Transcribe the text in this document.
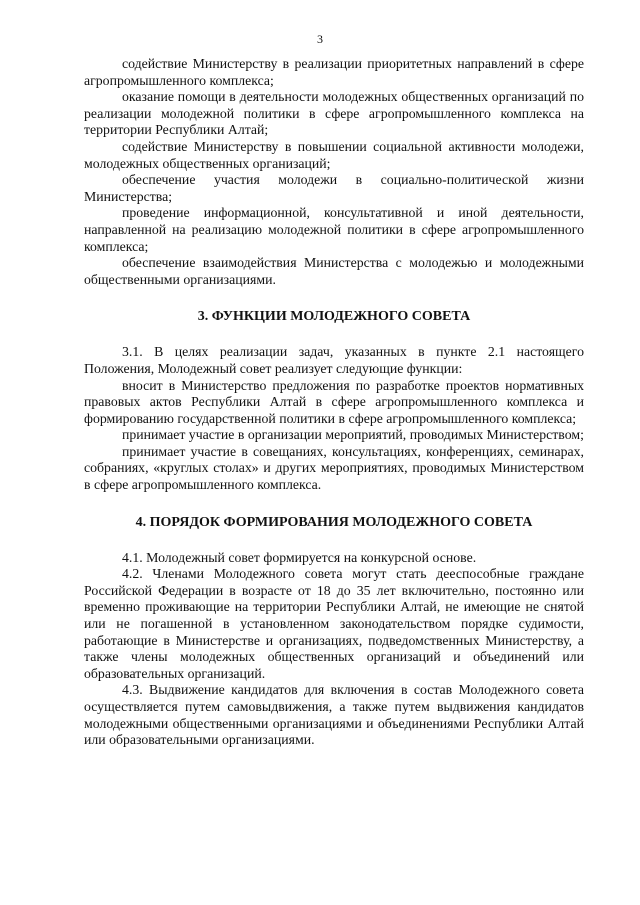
3

содействие Министерству в реализации приоритетных направлений в сфере агропромышленного комплекса;

оказание помощи в деятельности молодежных общественных организаций по реализации молодежной политики в сфере агропромышленного комплекса на территории Республики Алтай;

содействие Министерству в повышении социальной активности молодежи, молодежных общественных организаций;

обеспечение участия молодежи в социально-политической жизни Министерства;

проведение информационной, консультативной и иной деятельности, направленной на реализацию молодежной политики в сфере агропромышленного комплекса;

обеспечение взаимодействия Министерства с молодежью и молодежными общественными организациями.

3. ФУНКЦИИ МОЛОДЕЖНОГО СОВЕТА

3.1. В целях реализации задач, указанных в пункте 2.1 настоящего Положения, Молодежный совет реализует следующие функции:

вносит в Министерство предложения по разработке проектов нормативных правовых актов Республики Алтай в сфере агропромышленного комплекса и формированию государственной политики в сфере агропромышленного комплекса;

принимает участие в организации мероприятий, проводимых Министерством;

принимает участие в совещаниях, консультациях, конференциях, семинарах, собраниях, «круглых столах» и других мероприятиях, проводимых Министерством в сфере агропромышленного комплекса.

4. ПОРЯДОК ФОРМИРОВАНИЯ МОЛОДЕЖНОГО СОВЕТА

4.1. Молодежный совет формируется на конкурсной основе.

4.2. Членами Молодежного совета могут стать дееспособные граждане Российской Федерации в возрасте от 18 до 35 лет включительно, постоянно или временно проживающие на территории Республики Алтай, не имеющие не снятой или не погашенной в установленном законодательством порядке судимости, работающие в Министерстве и организациях, подведомственных Министерству, а также члены молодежных общественных организаций и объединений или образовательных организаций.

4.3. Выдвижение кандидатов для включения в состав Молодежного совета осуществляется путем самовыдвижения, а также путем выдвижения кандидатов молодежными общественными организациями и объединениями Республики Алтай или образовательными организациями.
